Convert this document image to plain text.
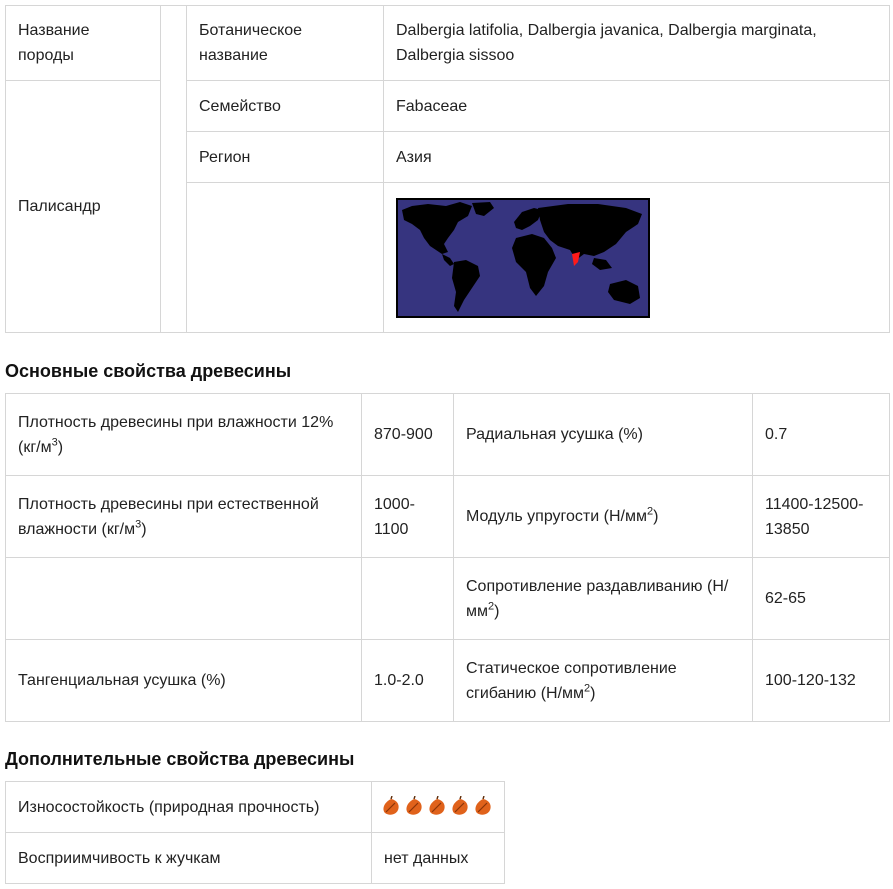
Название породы		Ботаническое название	Dalbergia latifolia, Dalbergia javanica, Dalbergia marginata, Dalbergia sissoo
Палисандр		Семейство	Fabaceae
		Регион	Азия

Основные свойства древесины
Плотность древесины при влажности 12% $(кг/м^3)$	870-900	Радиальная усушка (%)	0.7
Плотность древесины при естественной влажности $(кг/м^3)$	1000-1100	Модуль упругости $(Н/мм^2)$	11400-12500-13850
		Сопротивление раздавливанию $(Н/мм^2)$	62-65
Тангенциальная усушка (%)	1.0-2.0	Статическое сопротивление сгибанию $(Н/мм^2)$	100-120-132
Дополнительные свойства древесины
Износостойкость (природная прочность)	

Восприимчивость к жучкам	нет данных
